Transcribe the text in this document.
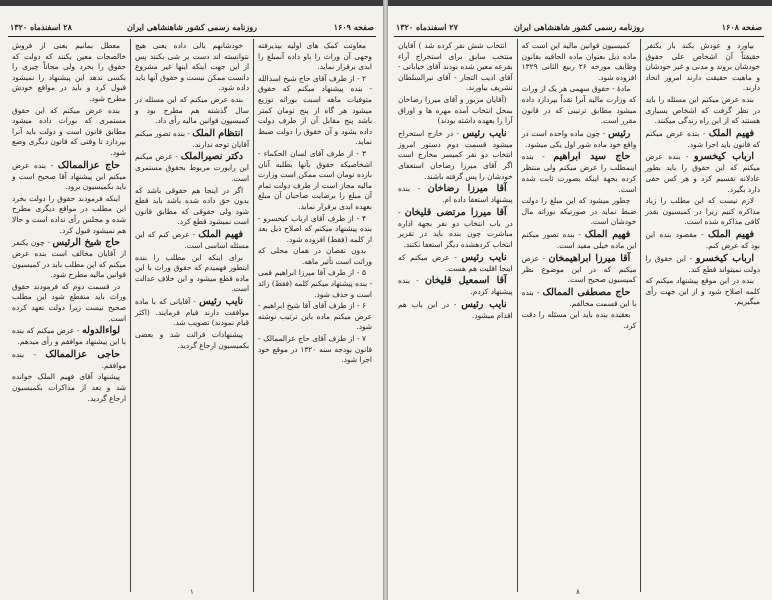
صفحه ۱۶۰۹
روزنامه رسمی کشور شاهنشاهی ایران
۲۸ اسفندماه ۱۳۲۰

معاونت کمک های اولیه بپذیرفته وجهی آن وراث را باو داده آنمبلغ را ابدی برقرار نماید.

۲ - از طرف آقای حاج شیخ اسدالله - بنده پیشنهاد میکنم که حقوق متوفیات ماهه اسبت بوراثه توزیع میشود هر گاه از پنج تومان کمتر باشد پنج مقابل آن از طرف دولت داده بشود و آن حقوق را دولت ضبط نماید.

۳ - از طرف آقای لسان الحکماء - اشخاصیکه حقوق بآنها بطلبه آنان بازده تومان است ممکن است وزارت مالیه مجاز است از طرف دولت تمام آن مبلغ را برضایت صاحبان آن مبلغ بعهده ابدی برقرار نماید.

۴ - از طرف آقای ارباب کیخسرو - بنده پیشنهاد میکنم که اصلاح ذیل بعد از کلمه (فقط) افزوده شود.

بدون نقصان در همان محلی که وراثت است تأثیر ماهه.

۵ - از طرف آقا میرزا ابراهیم قمی - بنده پیشنهاد میکنم کلمه (فقط) زائد است و حذف شود.

۶ - از طرف آقای آقا شیخ ابراهیم - عرض میکنم ماده باین ترتیب نوشته شود.

۷ - از طرف آقای حاج عزالممالک - قانون بودجه سنه ۱۳۲۰ در موقع خود اجرا شود.

خودشانهم بالی داده یعنی هیچ نتوانسته اند دست بر شی بکنند پس از این جهت اینکه اینها غیر مشروع دانست ممکن نیست و حقوق آنها باید داده شود.

بنده عرض میکنم که این مسئله در سال گذشته هم مطرح بود و کمیسیون قوانین مالیه رأی داد.

انتظام الملک - بنده تصور میکنم آقایان توجه ندارند.

دکتر نصیرالملک - عرض میکنم این راپورت مربوط بحقوق مستمری است.

اگر در اینجا هم حقوقی باشد که بدون حق داده شده باشد باید قطع شود ولی حقوقی که مطابق قانون است نمیشود قطع کرد.

فهیم الملک - عرض کنم که این مسئله اساسی است.

برای اینکه این مطلب را بنده اینطور فهمیدم که حقوق وراث با این ماده قطع میشود و این خلاف عدالت است.

نایب رئیس - آقایانی که با ماده موافقت دارند قیام فرمایند. (اکثر قیام نمودند) تصویب شد.

پیشنهادات قرائت شد و بعضی بکمیسیون ارجاع گردید.

معطل بمانیم یعنی از فروش خالصجات معین بکنند که دولت که حقوق را بخرد ولی مجاناً چیزی را بکسی ندهد این پیشنهاد را نمیشود قبول کرد و باید در مواقع خودش مطرح شود.

بنده عرض میکنم که این حقوق مستمری که بوراث داده میشود مطابق قانون است و دولت باید آنرا بپردازد تا وقتی که قانون دیگری وضع شود.

حاج عزالممالک - بنده عرض میکنم این پیشنهاد آقا صحیح است و باید بکمیسیون برود.

اینکه فرمودند حقوق را دولت بخرد این مطلب در مواقع دیگری مطرح شده و مجلس رأی نداده است و حالا هم نمیشود قبول کرد.

حاج شیخ الرئیس - چون یکنفر از آقایان مخالف است بنده عرض میکنم که این مطلب باید در کمیسیون قوانین مالیه مطرح شود.

در قسمت دوم که فرمودند حقوق وراث باید منقطع شود این مطلب صحیح نیست زیرا دولت تعهد کرده است.

لواءالدوله - عرض میکنم که بنده با این پیشنهاد موافقم و رأی میدهم.

حاجی عزالممالک - بنده موافقم.

پیشنهاد آقای فهیم الملک خوانده شد و بعد از مذاکرات بکمیسیون ارجاع گردید.

۱
صفحه ۱۶۰۸
روزنامه رسمی کشور شاهنشاهی ایران
۲۷ اسفندماه ۱۳۲۰

بیاورد و عودش بکند باز یکنفر حقیقتاً آن اشخاص علی حقوق خودشان بروند و مدنی و غیر خودشان و ماهیت حقیقت دارند امروز اتحاد دارند.

بنده عرض میکنم این مسئله را باید در نظر گرفت که اشخاص بسیاری هستند که از این راه زندگی میکنند.

فهیم الملک - بنده عرض میکنم که قانون باید اجرا شود.

ارباب کیخسرو - بنده عرض میکنم که این حقوق را باید بطور عادلانه تقسیم کرد و هر کس حقی دارد بگیرد.

لازم نیست که این مطلب را زیاد مذاکره کنیم زیرا در کمیسیون بقدر کافی مذاکره شده است.

فهیم الملک - مقصود بنده این بود که عرض کنم.

ارباب کیخسرو - این حقوق را دولت نمیتواند قطع کند.

بنده در این موقع پیشنهاد میکنم که کلمه اصلاح شود و از این جهت رأی میگیریم.

کمیسیون قوانین مالیه این است که ماده ذیل بعنوان ماده الحاقیه بقانون وظایف مورخه ۲۶ ربیع الثانی ۱۳۲۹ افزوده شود.

مادۀ - حقوق سهمی هر یک از وراث که وزارت مالیه آنرا نقداً بپردازد داده میشود مطابق ترتیبی که در قانون مقرر است.

رئیس - چون ماده واحده است در واقع خود ماده شور اول یکی میشود.

حاج سید ابراهیم - بنده اینمطلب را عرض میکنم ولی منتظر کرده بجهة اینکه بصورت ثابت شده است.

چطور میشود که این مبلغ را دولت ضبط نماید در صورتیکه بوراثه مال خودشان است.

فهیم الملک - بنده تصور میکنم این ماده خیلی مفید است.

آقا میرزا ابراهیمخان - عرض میکنم که در این موضوع نظر کمیسیون صحیح است.

حاج مصطفی الممالک - بنده با این قسمت مخالفم.

بعقیده بنده باید این مسئله را دقت کرد.

انتخاب شش نفر کرده شد ) آقایان منتخب سابق برای استخراج آراء بقرعه معین شده بودند آقای خیابانی - آقای ادیب التجار - آقای نیرالسلطان تشریف بیاورند.

(آقایان مزبور و آقای میرزا رضاخان بمحل انتخاب آمده مهره ها و اوراق آرا را بعهده داشته بودند)

نایب رئیس - در خارج استخراج میشود قسمت دوم دستور امروز انتخاب دو نفر کمیسر مخارج است اگر آقای میرزا رضاخان استعفای خودشان را پس گرفته باشند.

آقا میرزا رضاخان - بنده پیشنهاد استعفا داده ام.

آقا میرزا مرتضی قلیخان - در باب انتخاب دو نفر بجهة اداره مباشرت چون بنده باید در تقریر انتخاب کردهشده دیگر استعفا نکنند.

نایب رئیس - عرض میکنم که اینجا اقلیت هم هست.

آقا اسمعیل قلیخان - بنده پیشنهاد کردم.

نایب رئیس - در این باب هم اقدام میشود.

۸
